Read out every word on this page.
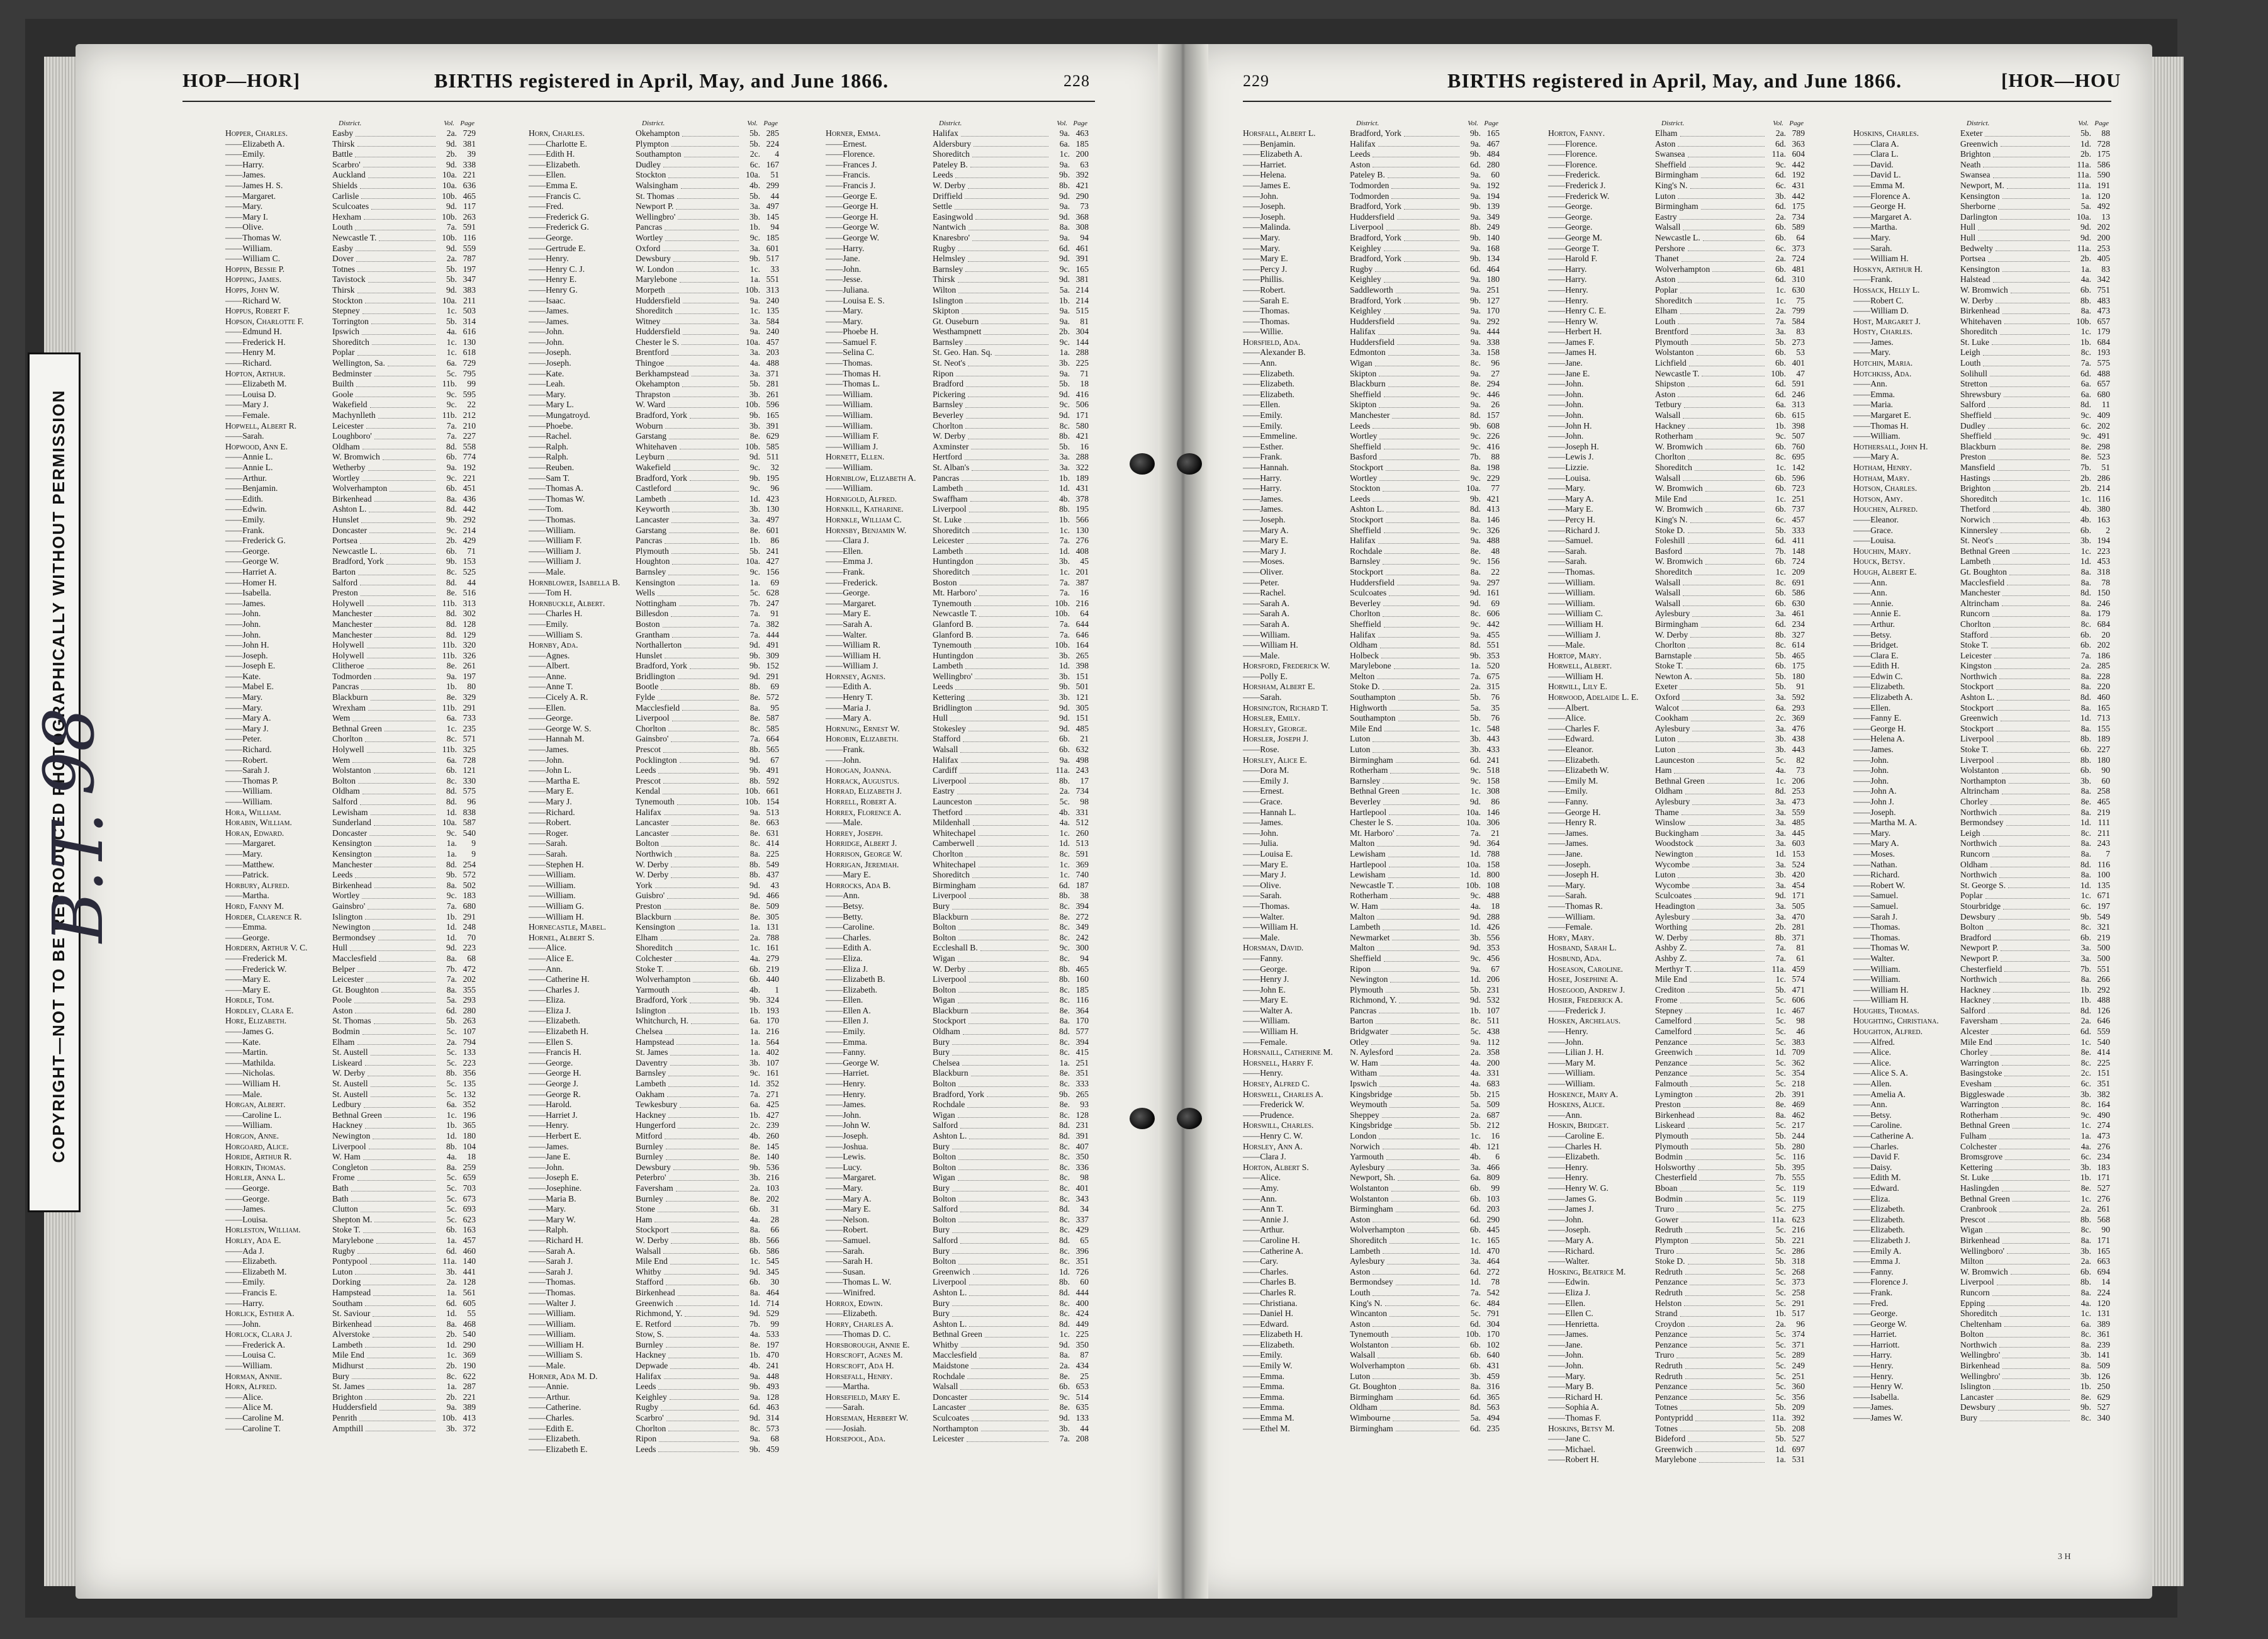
COPYRIGHT—NOT TO BE REPRODUCED PHOTOGRAPHICALLY WITHOUT PERMISSION
B.T.
98
HOP—HOR]	BIRTHS registered in April, May, and June 1866.	228	229	BIRTHS registered in April, May, and June 1866.	[HOR—HOU
District.	Vol. Page
Hopper, Charles.	Easby	2a. 729
—— Elizabeth A.	Thirsk	9d. 381
—— Emily.	Battle	2b.	39
—— Harry.	Scarbro'	9d. 338
—— James.	Auckland	10a. 221
—— James H. S.	Shields	10a. 636
—— Margaret.	Carlisle	10b. 465
—— Mary.	Sculcoates	9d. 117
—— Mary I.	Hexham	10b. 263
—— Olive.	Louth	7a. 591
—— Thomas W.	Newcastle T.	10b. 116
—— William.	Easby	9d. 559
—— William C.	Dover	2a. 787
Hoppin, Bessie P.	Totnes	5b. 197
Hopping, James.	Tavistock	5b. 347
Hopps, John W.	Thirsk	9d. 383
—— Richard W.	Stockton	10a. 211
Hoppus, Robert F.	Stepney	1c. 503
Hopson, Charlotte F.	Torrington	5b. 314
—— Edmund H.	Ipswich	4a. 616
—— Frederick H.	Shoreditch	1c. 130
—— Henry M.	Poplar	1c. 618
—— Richard.	Wellington, Sa.	6a. 729
Hopton, Arthur.	Bedminster	5c. 795
—— Elizabeth M.	Builth	11b.	99
—— Louisa D.	Goole	9c. 595
—— Mary J.	Wakefield	9c.	22
—— Female.	Machynlleth	11b. 212
Hopwell, Albert R.	Leicester	7a. 210
—— Sarah.	Loughboro'	7a. 227
Hopwood, Ann E.	Oldham	8d. 558
—— Annie L.	W. Bromwich	6b. 774
—— Annie L.	Wetherby	9a. 192
—— Arthur.	Wortley	9c. 221
—— Benjamin.	Wolverhampton	6b. 451
—— Edith.	Birkenhead	8a. 436
—— Edwin.	Ashton L.	8d. 442
—— Emily.	Hunslet	9b. 292
—— Frank.	Doncaster	9c. 214
—— Frederick G.	Portsea	2b. 429
—— George.	Newcastle L.	6b.	71
—— George W.	Bradford, York	9b. 153
—— Harriet A.	Barton	8c. 525
—— Homer H.	Salford	8d.	44
—— Isabella.	Preston	8e. 516
—— James.	Holywell	11b. 313
—— John.	Manchester	8d. 302
—— John.	Manchester	8d. 128
—— John.	Manchester	8d. 129
—— John H.	Holywell	11b. 320
—— Joseph.	Holywell	11b. 326
—— Joseph E.	Clitheroe	8e. 261
—— Kate.	Todmorden	9a. 197
—— Mabel E.	Pancras	1b.	80
—— Mary.	Blackburn	8e. 329
—— Mary.	Wrexham	11b. 291
—— Mary A.	Wem	6a. 733
—— Mary J.	Bethnal Green	1c. 235
—— Peter.	Chorlton	8c. 571
—— Richard.	Holywell	11b. 325
—— Robert.	Wem	6a. 728
—— Sarah J.	Wolstanton	6b. 121
—— Thomas P.	Bolton	8c. 330
—— William.	Oldham	8d. 575
—— William.	Salford	8d.	96
Hora, William.	Lewisham	1d. 838
Horabin, William.	Sunderland	10a. 587
Horan, Edward.	Doncaster	9c. 540
—— Margaret.	Kensington	1a.	9
—— Mary.	Kensington	1a.	9
—— Matthew.	Manchester	8d. 254
—— Patrick.	Leeds	9b. 572
Horbury, Alfred.	Birkenhead	8a. 502
—— Martha.	Wortley	9c. 183
Hord, Fanny M.	Gainsbro'	7a. 680
Horder, Clarence R.	Islington	1b. 291
—— Emma.	Newington	1d. 248
—— George.	Bermondsey	1d.	70
Hordern, Arthur V. C.	Hull	9d. 223
—— Frederick M.	Macclesfield	8a.	68
—— Frederick W.	Belper	7b. 472
—— Mary E.	Leicester	7a. 202
—— Mary E.	Gt. Boughton	8a. 355
Hordle, Tom.	Poole	5a. 293
Hordley, Clara E.	Aston	6d. 280
Hore, Elizabeth.	St. Thomas	5b. 263
—— James G.	Bodmin	5c. 107
—— Kate.	Elham	2a. 794
—— Martin.	St. Austell	5c. 133
—— Mathilda.	Liskeard	5c. 223
—— Nicholas.	W. Derby	8b. 356
—— William H.	St. Austell	5c. 135
—— Male.	St. Austell	5c. 132
Horgan, Albert.	Ledbury	6a. 352
—— Caroline L.	Bethnal Green	1c. 196
—— William.	Hackney	1b. 365
Horgon, Anne.	Newington	1d. 180
Horgoard, Alice.	Liverpool	8b. 104
Horide, Arthur R.	W. Ham	4a.	18
Horkin, Thomas.	Congleton	8a. 259
Horler, Anna L.	Frome	5c. 659
—— George.	Bath	5c. 703
—— George.	Bath	5c. 673
—— James.	Clutton	5c. 693
—— Louisa.	Shepton M.	5c. 623
Horleston, William.	Stoke T.	6b. 163
Horley, Ada E.	Marylebone	1a. 457
—— Ada J.	Rugby	6d. 460
—— Elizabeth.	Pontypool	11a. 140
—— Elizabeth M.	Luton	3b. 441
—— Emily.	Dorking	2a. 128
—— Francis E.	Hampstead	1a. 561
—— Harry.	Southam	6d. 605
Horlick, Esther A.	St. Saviour	1d.	55
—— John.	Birkenhead	8a. 468
Horlock, Clara J.	Alverstoke	2b. 540
—— Frederick A.	Lambeth	1d. 290
—— Louisa C.	Mile End	1c. 369
—— William.	Midhurst	2b. 190
Horman, Annie.	Bury	8c. 622
Horn, Alfred.	St. James	1a. 287
—— Alice.	Brighton	2b. 221
—— Alice M.	Huddersfield	9a. 389
—— Caroline M.	Penrith	10b. 413
—— Caroline T.	Ampthill	3b. 372
District.	Vol. Page
Horn, Charles.	Okehampton	5b. 285
—— Charlotte E.	Plympton	5b. 224
—— Edith H.	Southampton	2c.	4
—— Elizabeth.	Dudley	6c. 167
—— Ellen.	Stockton	10a.	51
—— Emma E.	Walsingham	4b. 299
—— Francis C.	St. Thomas	5b.	44
—— Fred.	Newport P.	3a. 497
—— Frederick G.	Wellingbro'	3b. 145
—— Frederick G.	Pancras	1b.	94
—— George.	Wortley	9c. 185
—— Gertrude E.	Oxford	3a. 601
—— Henry.	Dewsbury	9b. 517
—— Henry C. J.	W. London	1c.	33
—— Henry E.	Marylebone	1a. 551
—— Henry G.	Morpeth	10b. 313
—— Isaac.	Huddersfield	9a. 240
—— James.	Shoreditch	1c. 135
—— James.	Witney	3a. 584
—— John.	Huddersfield	9a. 240
—— John.	Chester le S.	10a. 457
—— Joseph.	Brentford	3a. 203
—— Joseph.	Thingoe	4a. 488
—— Kate.	Berkhampstead	3a. 371
—— Leah.	Okehampton	5b. 281
—— Mary.	Thrapston	3b. 261
—— Mary L.	W. Ward	10b. 596
—— Mungatroyd.	Bradford, York	9b. 165
—— Phoebe.	Woburn	3b. 391
—— Rachel.	Garstang	8e. 629
—— Ralph.	Whitehaven	10b. 585
—— Ralph.	Leyburn	9d. 511
—— Reuben.	Wakefield	9c.	32
—— Sam T.	Bradford, York	9b. 195
—— Thomas A.	Castleford	9c.	96
—— Thomas W.	Lambeth	1d. 423
—— Tom.	Keyworth	3b. 130
—— Thomas.	Lancaster	3a. 497
—— William.	Garstang	8e. 601
—— William F.	Pancras	1b.	86
—— William J.	Plymouth	5b. 241
—— William J.	Houghton	10a. 427
—— Male.	Barnsley	9c. 156
Hornblower, Isabella B. Kensington	1a.	69
—— Tom H.	Wells	5c. 628
Hornbuckle, Albert.	Nottingham	7b. 247
—— Charles H.	Billesdon	7a.	91
—— Emily.	Boston	7a. 382
—— William S.	Grantham	7a. 444
Hornby, Ada.	Northallerton	9d. 491
—— Agnes.	Hunslet	9b. 309
—— Albert.	Bradford, York	9b. 152
—— Anne.	Bridlington	9d. 291
—— Anne T.	Bootle	8b.	69
—— Cicely A. R.	Fylde	8e. 572
—— Ellen.	Macclesfield	8a.	95
—— George.	Liverpool	8e. 587
—— George W. S.	Chorlton	8c. 585
—— Hannah M.	Gainsbro'	7a. 664
—— James.	Prescot	8b. 565
—— John.	Pocklington	9d.	67
—— John L.	Leeds	9b. 491
—— Martha E.	Prescot	8b. 592
—— Mary E.	Kendal	10b. 661
—— Mary J.	Tynemouth	10b. 154
—— Richard.	Halifax	9a. 513
—— Robert.	Lancaster	8e. 663
—— Roger.	Lancaster	8e. 631
—— Sarah.	Bolton	8c. 414
—— Sarah.	Northwich	8a. 225
—— Stephen H.	W. Derby	8b. 549
—— William.	W. Derby	8b. 437
—— William.	York	9d.	43
—— William.	Guisbro'	9d. 466
—— William G.	Preston	8e. 509
—— William H.	Blackburn	8e. 305
Hornecastle, Mabel.	Kensington	1a. 131
Hornel, Albert S.	Elham	2a. 788
—— Alice.	Shoreditch	1c. 161
—— Alice E.	Colchester	4a. 279
—— Ann.	Stoke T.	6b. 219
—— Catherine H.	Wolverhampton	6b. 440
—— Charles J.	Yarmouth	4b.	1
—— Eliza.	Bradford, York	9b. 324
—— Eliza J.	Islington	1b. 193
—— Elizabeth.	Whitchurch, H.	6a. 170
—— Elizabeth H.	Chelsea	1a. 216
—— Ellen S.	Hampstead	1a. 564
—— Francis H.	St. James	1a. 402
—— George.	Daventry	3b. 107
—— George H.	Barnsley	9c. 161
—— George J.	Lambeth	1d. 352
—— George R.	Oakham	7a. 271
—— Harold.	Tewkesbury	6a. 425
—— Harriet J.	Hackney	1b. 427
—— Henry.	Hungerford	2c. 239
—— Herbert E.	Mitford	4b. 260
—— James.	Burnley	8e. 145
—— Jane E.	Burnley	8e. 140
—— John.	Dewsbury	9b. 536
—— Joseph E.	Peterbro'	3b. 216
—— Josephine.	Faversham	2a. 103
—— Maria B.	Burnley	8e. 202
—— Mary.	Stone	6b.	31
—— Mary W.	Ham	4a.	28
—— Ralph.	Stockport	8a.	66
—— Richard H.	W. Derby	8b. 566
—— Sarah A.	Walsall	6b. 586
—— Sarah J.	Mile End	1c. 545
—— Sarah J.	Whitby	9d. 345
—— Thomas.	Stafford	6b.	30
—— Thomas.	Birkenhead	8a. 464
—— Walter J.	Greenwich	1d. 714
—— William.	Richmond, Y.	9d. 529
—— William.	E. Retford	7b.	99
—— William.	Stow, S.	4a. 533
—— William H.	Burnley	8e. 197
—— William S.	Hackney	1b. 470
—— Male.	Depwade	4b. 241
Horner, Ada M. D.	Halifax	9a. 448
—— Annie.	Leeds	9b. 493
—— Arthur.	Keighley	9a. 128
—— Catherine.	Rugby	6d. 463
—— Charles.	Scarbro'	9d. 314
—— Edith E.	Chorlton	8c. 573
—— Elizabeth.	Ripon	9a.	68
—— Elizabeth E.	Leeds	9b. 459
District.	Vol. Page
Horner, Emma.	Halifax	9a. 463
—— Ernest.	Aldersbury	6a. 185
—— Florence.	Shoreditch	1c. 200
—— Frances J.	Pateley B.	9a.	63
—— Francis.	Leeds	9b. 392
—— Francis J.	W. Derby	8b. 421
—— George E.	Driffield	9d. 290
—— George H.	Settle	9a.	73
—— George H.	Easingwold	9d. 368
—— George W.	Nantwich	8a. 308
—— George W.	Knaresbro'	9a.	94
—— Harry.	Rugby	6d. 461
—— Jane.	Helmsley	9d. 391
—— John.	Barnsley	9c. 165
—— Jesse.	Thirsk	9d. 381
—— Juliana.	Wilton	5a. 214
—— Louisa E. S.	Islington	1b. 214
—— Mary.	Skipton	9a. 515
—— Mary.	Gt. Ouseburn	9a.	81
—— Phoebe H.	Westhampnett	2b. 304
—— Samuel F.	Barnsley	9c. 144
—— Selina C.	St. Geo. Han. Sq.	1a. 288
—— Thomas.	St. Neot's	3b. 225
—— Thomas H.	Ripon	9a.	71
—— Thomas L.	Bradford	5b.	18
—— William.	Pickering	9d. 416
—— William.	Barnsley	9c. 506
—— William.	Beverley	9d. 171
—— William.	Chorlton	8c. 580
—— William F.	W. Derby	8b. 421
—— William J.	Axminster	5b.	16
Hornett, Ellen.	Hertford	3a. 288
—— William.	St. Alban's	3a. 322
Horniblow, Elizabeth A. Pancras	1b. 189
—— William.	Lambeth	1d. 431
Hornigold, Alfred.	Swaffham	4b. 378
Hornkill, Katharine.	Liverpool	8b. 195
Hornkle, William C.	St. Luke	1b. 566
Hornsby, Benjamin W.	Shoreditch	1c. 130
—— Clara J.	Leicester	7a. 276
—— Ellen.	Lambeth	1d. 408
—— Emma J.	Huntingdon	3b.	45
—— Frank.	Shoreditch	1c. 201
—— Frederick.	Boston	7a. 387
—— George.	Mt. Harboro'	7a.	16
—— Margaret.	Tynemouth	10b. 216
—— Mary E.	Newcastle T.	10b.	64
—— Sarah A.	Glanford B.	7a. 644
—— Walter.	Glanford B.	7a. 646
—— William R.	Tynemouth	10b. 164
—— William H.	Huntingdon	3b. 265
—— William J.	Lambeth	1d. 398
Hornsey, Agnes.	Wellingbro'	3b. 151
—— Edith A.	Leeds	9b. 501
—— Henry T.	Kettering	3b. 121
—— Maria J.	Bridlington	9d. 305
—— Mary A.	Hull	9d. 151
Hornung, Ernest W.	Stokesley	9d. 485
Horobin, Elizabeth.	Stafford	6b.	21
—— Frank.	Walsall	6b. 632
—— John.	Halifax	9a. 498
Horogan, Joanna.	Cardiff	11a. 243
Horrack, Augustus.	Liverpool	8b.	17
Horrad, Elizabeth J.	Eastry	2a. 734
Horrell, Robert A.	Launceston	5c.	98
Horrex, Florence A.	Thetford	4b. 331
—— Male.	Mildenhall	4a. 512
Horrey, Joseph.	Whitechapel	1c. 260
Horridge, Albert J.	Camberwell	1d. 513
Horrison, George W.	Chorlton	8c. 591
Horrigan, Jeremiah.	Whitechapel	1c. 369
—— Mary E.	Shoreditch	1c. 740
Horrocks, Ada B.	Birmingham	6d. 187
—— Ann.	Liverpool	8b.	38
—— Betsy.	Bury	8c. 394
—— Betty.	Blackburn	8e. 272
—— Caroline.	Bolton	8c. 349
—— Charles.	Bolton	8c. 242
—— Edith A.	Eccleshall B.	9c. 300
—— Eliza.	Wigan	8c.	94
—— Eliza J.	W. Derby	8b. 465
—— Elizabeth B.	Liverpool	8b. 160
—— Elizabeth.	Bolton	8c. 185
—— Ellen.	Wigan	8c. 116
—— Ellen A.	Blackburn	8e. 364
—— Ellen J.	Stockport	8a. 170
—— Emily.	Oldham	8d. 577
—— Emma.	Bury	8c. 394
—— Fanny.	Bury	8c. 415
—— George W.	Chelsea	1a. 251
—— Harriet.	Blackburn	8e. 351
—— Henry.	Bolton	8c. 333
—— Henry.	Bradford, York	9b. 265
—— James.	Rochdale	8e.	93
—— John.	Wigan	8c. 128
—— John W.	Salford	8d. 231
—— Joseph.	Ashton L.	8d. 391
—— Joshua.	Bury	8c. 407
—— Lewis.	Bolton	8c. 350
—— Lucy.	Bolton	8c. 336
—— Margaret.	Wigan	8c.	98
—— Mary.	Bury	8c. 401
—— Mary A.	Bolton	8c. 343
—— Mary E.	Salford	8d.	34
—— Nelson.	Bolton	8c. 337
—— Robert.	Bury	8c. 429
—— Samuel.	Salford	8d.	65
—— Sarah.	Bury	8c. 396
—— Sarah H.	Bolton	8c. 351
—— Susan.	Greenwich	1d. 726
—— Thomas L. W.	Liverpool	8b.	60
—— Winifred.	Ashton L.	8d. 444
Horrox, Edwin.	Bury	8c. 400
—— Elizabeth.	Bury	8c. 424
Horry, Charles A.	Ashton L.	8d. 449
—— Thomas D. C.	Bethnal Green	1c. 225
Horsborough, Annie E.	Whitby	9d. 350
Horscroft, Agnes M.	Macclesfield	8a.	87
Horscroft, Ada H.	Maidstone	2a. 434
Horsefall, Henry.	Rochdale	8e.	25
—— Martha.	Walsall	6b. 653
Horsefield, Mary E.	Doncaster	9c. 514
—— Sarah.	Lancaster	8e. 635
Horseman, Herbert W.	Sculcoates	9d. 133
—— Josiah.	Northampton	3b.	44
Horsepool, Ada.	Leicester	7a. 208
District.	Vol. Page
Horsfall, Albert L.	Bradford, York	9b. 165
—— Benjamin.	Halifax	9a. 467
—— Elizabeth A.	Leeds	9b. 484
—— Harriet.	Aston	6d. 280
—— Helena.	Pateley B.	9a.	60
—— James E.	Todmorden	9a. 192
—— John.	Todmorden	9a. 194
—— Joseph.	Bradford, York	9b. 139
—— Joseph.	Huddersfield	9a. 349
—— Malinda.	Liverpool	8b. 249
—— Mary.	Bradford, York	9b. 140
—— Mary.	Keighley	9a. 168
—— Mary E.	Bradford, York	9b. 134
—— Percy J.	Rugby	6d. 464
—— Phillis.	Keighley	9a. 180
—— Robert.	Saddleworth	9a. 251
—— Sarah E.	Bradford, York	9b. 127
—— Thomas.	Keighley	9a. 170
—— Thomas.	Huddersfield	9a. 292
—— Willie.	Halifax	9a. 444
Horsfield, Ada.	Huddersfield	9a. 338
—— Alexander B.	Edmonton	3a. 158
—— Ann.	Wigan	8c.	96
—— Elizabeth.	Skipton	9a.	27
—— Elizabeth.	Blackburn	8e. 294
—— Elizabeth.	Sheffield	9c. 446
—— Ellen.	Skipton	9a.	26
—— Emily.	Manchester	8d. 157
—— Emily.	Leeds	9b. 608
—— Emmeline.	Wortley	9c. 226
—— Esther.	Sheffield	9c. 416
—— Frank.	Basford	7b.	88
—— Hannah.	Stockport	8a. 198
—— Harry.	Wortley	9c. 229
—— Harry.	Stockton	10a.	77
—— James.	Leeds	9b. 421
—— James.	Ashton L.	8d. 413
—— Joseph.	Stockport	8a. 146
—— Mary A.	Sheffield	9c. 326
—— Mary E.	Halifax	9a. 488
—— Mary J.	Rochdale	8e.	48
—— Moses.	Barnsley	9c. 156
—— Oliver.	Stockport	8a.	22
—— Peter.	Huddersfield	9a. 297
—— Rachel.	Sculcoates	9d. 161
—— Sarah A.	Beverley	9d.	69
—— Sarah A.	Chorlton	8c. 606
—— Sarah A.	Sheffield	9c. 442
—— William.	Halifax	9a. 455
—— William H.	Oldham	8d. 551
—— Male.	Holbeck	9b. 353
Horsford, Frederick W. Marylebone	1a. 520
—— Polly E.	Melton	7a. 675
Horsham, Albert E.	Stoke D.	2a. 315
—— Sarah.	Southampton	5b.	76
Horsington, Richard T.	Highworth	5a.	35
Horsler, Emily.	Southampton	5b.	76
Horsley, George.	Mile End	1c. 548
Horsler, Joseph J.	Luton	3b. 443
—— Rose.	Luton	3b. 433
Horsley, Alice E.	Birmingham	6d. 241
—— Dora M.	Rotherham	9c. 518
—— Emily J.	Barnsley	9c. 158
—— Ernest.	Bethnal Green	1c. 308
—— Grace.	Beverley	9d.	86
—— Hannah L.	Hartlepool	10a. 146
—— James.	Chester le S.	10a. 306
—— John.	Mt. Harboro'	7a.	21
—— Julia.	Malton	9d. 364
—— Louisa E.	Lewisham	1d. 788
—— Mary E.	Hartlepool	10a. 158
—— Mary J.	Lewisham	1d. 800
—— Olive.	Newcastle T.	10b. 108
—— Sarah.	Rotherham	9c. 488
—— Thomas.	W. Ham	4a.	18
—— Walter.	Malton	9d. 288
—— William H.	Lambeth	1d. 426
—— Male.	Newmarket	3b. 556
Horsman, David.	Malton	9d. 353
—— Fanny.	Sheffield	9c. 456
—— George.	Ripon	9a.	67
—— Henry J.	Newington	1d. 206
—— John E.	Plymouth	5b. 231
—— Mary E.	Richmond, Y.	9d. 532
—— Walter A.	Pancras	1b. 107
—— William.	Barton	8c. 511
—— William H.	Bridgwater	5c. 438
—— Female.	Otley	9a. 112
Horsnaill, Catherine M. N. Aylesford	2a. 358
Horsnell, Harry F.	W. Ham	4a. 200
—— Henry.	Witham	4a. 331
Horsey, Alfred C.	Ipswich	4a. 683
Horswell, Charles A.	Kingsbridge	5b. 215
—— Frederick W.	Weymouth	5a. 509
—— Prudence.	Sheppey	2a. 687
Horswill, Charles.	Kingsbridge	5b. 212
—— Henry C. W.	London	1c.	16
Horsley, Ann A.	Norwich	4b. 121
—— Clara J.	Yarmouth	4b.	6
Horton, Albert S.	Aylesbury	3a. 466
—— Alice.	Newport, Sh.	6a. 809
—— Amy.	Wolstanton	6b.	99
—— Ann.	Wolstanton	6b. 103
—— Ann T.	Birmingham	6d. 203
—— Annie J.	Aston	6d. 290
—— Arthur.	Wolverhampton	6b. 445
—— Caroline H.	Shoreditch	1c. 165
—— Catherine A.	Lambeth	1d. 470
—— Cary.	Aylesbury	3a. 464
—— Charles.	Aston	6d. 272
—— Charles B.	Bermondsey	1d.	78
—— Charles R.	Louth	7a. 542
—— Christiana.	King's N.	6c. 484
—— Daniel H.	Wincanton	5c. 791
—— Edward.	Aston	6d. 304
—— Elizabeth H.	Tynemouth	10b. 170
—— Elizabeth.	Wolstanton	6b. 102
—— Emily.	Walsall	6b. 640
—— Emily W.	Wolverhampton	6b. 431
—— Emma.	Luton	3b. 459
—— Emma.	Gt. Boughton	8a. 316
—— Emma.	Birmingham	6d. 365
—— Emma.	Oldham	8d. 563
—— Emma M.	Wimbourne	5a. 494
—— Ethel M.	Birmingham	6d. 235
District.	Vol. Page
Horton, Fanny.	Elham	2a. 789
—— Florence.	Aston	6d. 363
—— Florence.	Swansea	11a. 604
—— Florence.	Sheffield	9c. 442
—— Frederick.	Birmingham	6d. 192
—— Frederick J.	King's N.	6c. 431
—— Frederick W.	Luton	3b. 442
—— George.	Birmingham	6d. 175
—— George.	Eastry	2a. 734
—— George.	Walsall	6b. 589
—— George M.	Newcastle L.	6b.	64
—— George T.	Pershore	6c. 373
—— Harold F.	Thanet	2a. 724
—— Harry.	Wolverhampton	6b. 481
—— Harry.	Aston	6d. 310
—— Henry.	Poplar	1c. 630
—— Henry.	Shoreditch	1c.	75
—— Henry C. E.	Elham	2a. 799
—— Henry W.	Louth	7a. 584
—— Herbert H.	Brentford	3a.	83
—— James F.	Plymouth	5b. 273
—— James H.	Wolstanton	6b.	53
—— Jane.	Lichfield	6b. 401
—— Jane E.	Newcastle T.	10b.	47
—— John.	Shipston	6d. 591
—— John.	Aston	6d. 246
—— John.	Tetbury	6a. 313
—— John.	Walsall	6b. 615
—— John H.	Hackney	1b. 398
—— John.	Rotherham	9c. 507
—— Joseph H.	W. Bromwich	6b. 760
—— Lewis J.	Chorlton	8c. 695
—— Lizzie.	Shoreditch	1c. 142
—— Louisa.	Walsall	6b. 596
—— Mary.	W. Bromwich	6b. 723
—— Mary A.	Mile End	1c. 251
—— Mary E.	W. Bromwich	6b. 737
—— Percy H.	King's N.	6c. 457
—— Richard J.	Stoke D.	5b. 333
—— Samuel.	Foleshill	6d. 411
—— Sarah.	Basford	7b. 148
—— Sarah.	W. Bromwich	6b. 724
—— Thomas.	Shoreditch	1c. 209
—— William.	Walsall	8c. 691
—— William.	Walsall	6b. 586
—— William.	Walsall	6b. 630
—— William C.	Aylesbury	3a. 461
—— William H.	Birmingham	6d. 234
—— William J.	W. Derby	8b. 327
—— Male.	Chorlton	8c. 614
Hortop, Mary.	Barnstaple	5b. 465
Horwell, Albert.	Stoke T.	6b. 175
—— William H.	Newton A.	5b. 180
Horwill, Lily E.	Exeter	5b.	91
Horwood, Adelaide L. E. Oxford	3a. 592
—— Albert.	Walcot	6a. 293
—— Alice.	Cookham	2c. 369
—— Charles F.	Aylesbury	3a. 476
—— Edward.	Luton	3b. 438
—— Eleanor.	Luton	3b. 443
—— Elizabeth.	Launceston	5c.	82
—— Elizabeth W.	Ham	4a.	73
—— Emily M.	Bethnal Green	1c. 206
—— Emily.	Oldham	8d. 253
—— Fanny.	Aylesbury	3a. 473
—— George H.	Thame	3a. 559
—— Henry R.	Winslow	3a. 485
—— James.	Buckingham	3a. 445
—— James.	Woodstock	3a. 603
—— Jane.	Newington	1d. 153
—— Joseph.	Wycombe	3a. 524
—— Joseph H.	Luton	3b. 420
—— Mary.	Wycombe	3a. 454
—— Sarah.	Sculcoates	9d. 171
—— Thomas R.	Headington	3a. 505
—— William.	Aylesbury	3a. 470
—— Female.	Worthing	2b. 281
Hory, Mary.	W. Derby	8b. 371
Hosband, Sarah L.	Ashby Z.	7a.	81
Hosbund, Ada.	Ashby Z.	7a.	61
Hoseason, Caroline.	Merthyr T.	11a. 459
Hosee, Josephine A.	Mile End	1c. 574
Hosegood, Andrew J.	Crediton	5b. 471
Hosier, Frederick A.	Frome	5c. 606
—— Frederick J.	Stepney	1c. 467
Hosken, Archelaus.	Camelford	5c.	98
—— Henry.	Camelford	5c.	46
—— John.	Penzance	5c. 383
—— Lilian J. H.	Greenwich	1d. 709
—— Mary M.	Penzance	5c. 362
—— William.	Penzance	5c. 354
—— William.	Falmouth	5c. 218
Hoskence, Mary A.	Lymington	2b. 391
Hoskens, Alice.	Preston	8e. 469
—— Ann.	Birkenhead	8a. 462
Hoskin, Bridget.	Liskeard	5c. 217
—— Caroline E.	Plymouth	5b. 244
—— Charles H.	Plymouth	5b. 280
—— Elizabeth.	Bodmin	5c. 116
—— Henry.	Holsworthy	5b. 395
—— Henry.	Chesterfield	7b. 555
—— Henry W. G.	Bboan	5c. 119
—— James G.	Bodmin	5c. 119
—— James J.	Truro	5c. 275
—— John.	Gower	11a. 623
—— Joseph.	Redruth	5c. 216
—— Mary A.	Plympton	5b. 221
—— Richard.	Truro	5c. 286
—— Walter.	Stoke D.	5b. 318
Hosking, Beatrice M.	Redruth	5c. 268
—— Edwin.	Penzance	5c. 373
—— Eliza J.	Redruth	5c. 258
—— Ellen.	Helston	5c. 291
—— Ellen C.	Strand	1b. 517
—— Henrietta.	Croydon	2a.	96
—— James.	Penzance	5c. 374
—— Jane.	Penzance	5c. 371
—— John.	Truro	5c. 289
—— John.	Redruth	5c. 249
—— Mary.	Redruth	5c. 251
—— Mary B.	Penzance	5c. 360
—— Richard H.	Penzance	5c. 356
—— Sophia A.	Totnes	5b. 209
—— Thomas F.	Pontypridd	11a. 392
Hoskins, Betsy M.	Totnes	5b. 208
—— Jane C.	Bideford	5b. 527
—— Michael.	Greenwich	1d. 697
—— Robert H.	Marylebone	1a. 531
District.	Vol. Page
Hoskins, Charles.	Exeter	5b.	88
—— Clara A.	Greenwich	1d. 728
—— Clara L.	Brighton	2b. 175
—— David.	Neath	11a. 586
—— David L.	Swansea	11a. 590
—— Emma M.	Newport, M.	11a. 191
—— Florence A.	Kensington	1a. 120
—— George H.	Sherborne	5a. 492
—— Margaret A.	Darlington	10a.	13
—— Martha.	Hull	9d. 202
—— Mary.	Hull	9d. 200
—— Sarah.	Bedwelty	11a. 253
—— William H.	Portsea	2b. 405
Hoskyn, Arthur H.	Kensington	1a.	83
—— Frank.	Halstead	4a. 342
Hossack, Helly L.	W. Bromwich	6b. 751
—— Robert C.	W. Derby	8b. 483
—— William D.	Birkenhead	8a. 473
Host, Margaret J.	Whitehaven	10b. 657
Hosty, Charles.	Shoreditch	1c. 179
—— James.	St. Luke	1b. 684
—— Mary.	Leigh	8c. 193
Hotchin, Maria.	Louth	7a. 575
Hotchkiss, Ada.	Solihull	6d. 488
—— Ann.	Stretton	6a. 657
—— Emma.	Shrewsbury	6a. 680
—— Maria.	Salford	8d.	11
—— Margaret E.	Sheffield	9c. 409
—— Thomas H.	Dudley	6c. 202
—— William.	Sheffield	9c. 491
Hothersall, John H.	Blackburn	8e. 298
—— Mary A.	Preston	8e. 523
Hotham, Henry.	Mansfield	7b.	51
Hotham, Mary.	Hastings	2b. 286
Hotson, Charles.	Brighton	2b. 214
Hotson, Amy.	Shoreditch	1c. 116
Houchen, Alfred.	Thetford	4b. 380
—— Eleanor.	Norwich	4b. 163
—— Grace.	Kinnersley	6b.	2
—— Louisa.	St. Neot's	3b. 194
Houchin, Mary.	Bethnal Green	1c. 223
Houck, Betsy.	Lambeth	1d. 453
Hough, Albert E.	Gt. Boughton	8a. 318
—— Ann.	Macclesfield	8a.	78
—— Ann.	Manchester	8d. 150
—— Annie.	Altrincham	8a. 246
—— Annie E.	Runcorn	8a. 179
—— Arthur.	Chorlton	8c. 684
—— Betsy.	Stafford	6b.	20
—— Bridget.	Stoke T.	6b. 202
—— Clara E.	Leicester	7a. 186
—— Edith H.	Kingston	2a. 285
—— Edwin C.	Northwich	8a. 228
—— Elizabeth.	Stockport	8a. 220
—— Elizabeth A.	Ashton L.	8d. 460
—— Ellen.	Stockport	8a. 165
—— Fanny E.	Greenwich	1d. 713
—— George H.	Stockport	8a. 155
—— Helena A.	Liverpool	8b. 189
—— James.	Stoke T.	6b. 227
—— John.	Liverpool	8b. 180
—— John.	Wolstanton	6b.	90
—— John.	Northampton	3b.	60
—— John A.	Altrincham	8a. 258
—— John J.	Chorley	8e. 465
—— Joseph.	Northwich	8a. 219
—— Martha M. A.	Bermondsey	1d. 111
—— Mary.	Leigh	8c. 211
—— Mary A.	Northwich	8a. 243
—— Moses.	Runcorn	8a.	7
—— Nathan.	Oldham	8d. 116
—— Richard.	Northwich	8a. 100
—— Robert W.	St. George S.	1d. 135
—— Samuel.	Poplar	1c. 671
—— Samuel.	Stourbridge	6c. 197
—— Sarah J.	Dewsbury	9b. 549
—— Thomas.	Bolton	8c. 321
—— Thomas.	Bradford	6b. 219
—— Thomas W.	Newport P.	3a. 500
—— Walter.	Newport P.	3a. 500
—— William.	Chesterfield	7b. 551
—— William.	Northwich	8a. 266
—— William H.	Hackney	1b. 292
—— William H.	Hackney	1b. 488
Houghes, Thomas.	Salford	8d. 126
Houghting, Christiana.	Faversham	2a. 646
Houghton, Alfred.	Alcester	6d. 559
—— Alfred.	Mile End	1c. 540
—— Alice.	Chorley	8e. 414
—— Alice.	Warrington	8c. 225
—— Alice S. A.	Basingstoke	2c. 151
—— Allen.	Evesham	6c. 351
—— Amelia A.	Biggleswade	3b. 382
—— Ann.	Warrington	8c. 164
—— Betsy.	Rotherham	9c. 490
—— Caroline.	Bethnal Green	1c. 274
—— Catherine A.	Fulham	1a. 473
—— Charles.	Colchester	4a. 276
—— David F.	Bromsgrove	6c. 234
—— Daisy.	Kettering	3b. 183
—— Edith M.	St. Luke	1b. 171
—— Edward.	Haslingden	8e. 527
—— Eliza.	Bethnal Green	1c. 276
—— Elizabeth.	Cranbrook	2a. 261
—— Elizabeth.	Prescot	8b. 568
—— Elizabeth.	Wigan	8c.	90
—— Elizabeth J.	Birkenhead	8a. 171
—— Emily A.	Wellingboro'	3b. 165
—— Emma J.	Milton	2a. 663
—— Fanny.	W. Bromwich	6b. 694
—— Florence J.	Liverpool	8b.	14
—— Frank.	Runcorn	8a. 224
—— Fred.	Epping	4a. 120
—— George.	Shoreditch	1c. 131
—— George W.	Cheltenham	6a. 389
—— Harriet.	Bolton	8c. 361
—— Harriott.	Northwich	8a. 239
—— Harry.	Wellingbro'	3b. 141
—— Henry.	Birkenhead	8a. 509
—— Henry.	Wellingbro'	3b. 126
—— Henry W.	Islington	1b. 250
—— Isabella.	Lancaster	8e. 629
—— James.	Dewsbury	9b. 527
—— James W.	Bury	8c. 340
3 H
